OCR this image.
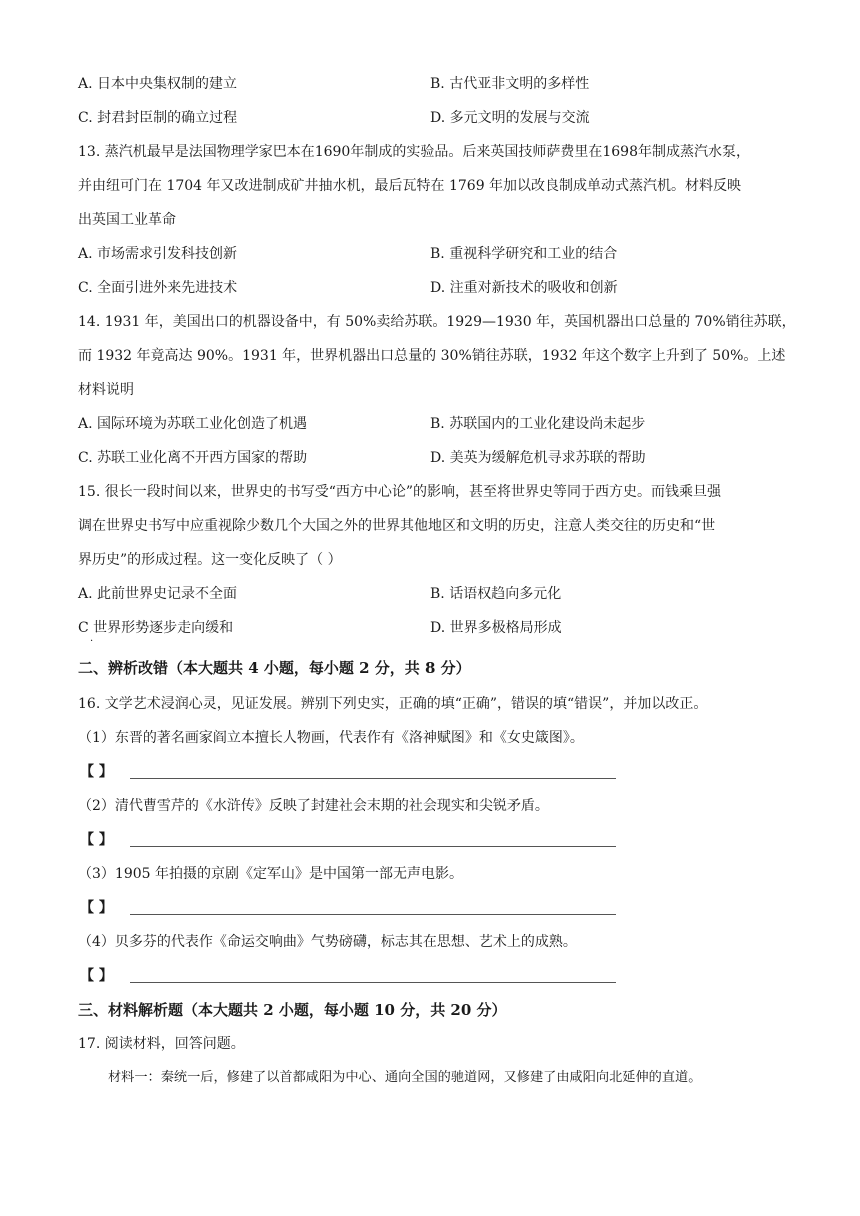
A. 日本中央集权制的建立	B. 古代亚非文明的多样性
C. 封君封臣制的确立过程	D. 多元文明的发展与交流
13. 蒸汽机最早是法国物理学家巴本在1690年制成的实验品。后来英国技师萨费里在1698年制成蒸汽水泵，
并由纽可门在 1704 年又改进制成矿井抽水机，最后瓦特在 1769 年加以改良制成单动式蒸汽机。材料反映
出英国工业革命
A. 市场需求引发科技创新	B. 重视科学研究和工业的结合
C. 全面引进外来先进技术	D. 注重对新技术的吸收和创新
14. 1931 年，美国出口的机器设备中，有 50%卖给苏联。1929—1930 年，英国机器出口总量的 70%销往苏联，
而 1932 年竟高达 90%。1931 年，世界机器出口总量的 30%销往苏联，1932 年这个数字上升到了 50%。上述
材料说明
A. 国际环境为苏联工业化创造了机遇	B. 苏联国内的工业化建设尚未起步
C. 苏联工业化离不开西方国家的帮助	D. 美英为缓解危机寻求苏联的帮助
15. 很长一段时间以来，世界史的书写受“西方中心论”的影响，甚至将世界史等同于西方史。而钱乘旦强
调在世界史书写中应重视除少数几个大国之外的世界其他地区和文明的历史，注意人类交往的历史和“世
界历史”的形成过程。这一变化反映了（ ）
A. 此前世界史记录不全面	B. 话语权趋向多元化
C 世界形势逐步走向缓和
·
D. 世界多极格局形成
二、辨析改错（本大题共 4 小题，每小题 2 分，共 8 分）
16. 文学艺术浸润心灵，见证发展。辨别下列史实，正确的填“正确”，错误的填“错误”，并加以改正。
（1）东晋的著名画家阎立本擅长人物画，代表作有《洛神赋图》和《女史箴图》。
【 】
（2）清代曹雪芹的《水浒传》反映了封建社会末期的社会现实和尖锐矛盾。
【 】
（3）1905 年拍摄的京剧《定军山》是中国第一部无声电影。
【 】
（4）贝多芬的代表作《命运交响曲》气势磅礴，标志其在思想、艺术上的成熟。
【 】
三、材料解析题（本大题共 2 小题，每小题 10 分，共 20 分）
17. 阅读材料，回答问题。
材料一：秦统一后，修建了以首都咸阳为中心、通向全国的驰道网，又修建了由咸阳向北延伸的直道。
